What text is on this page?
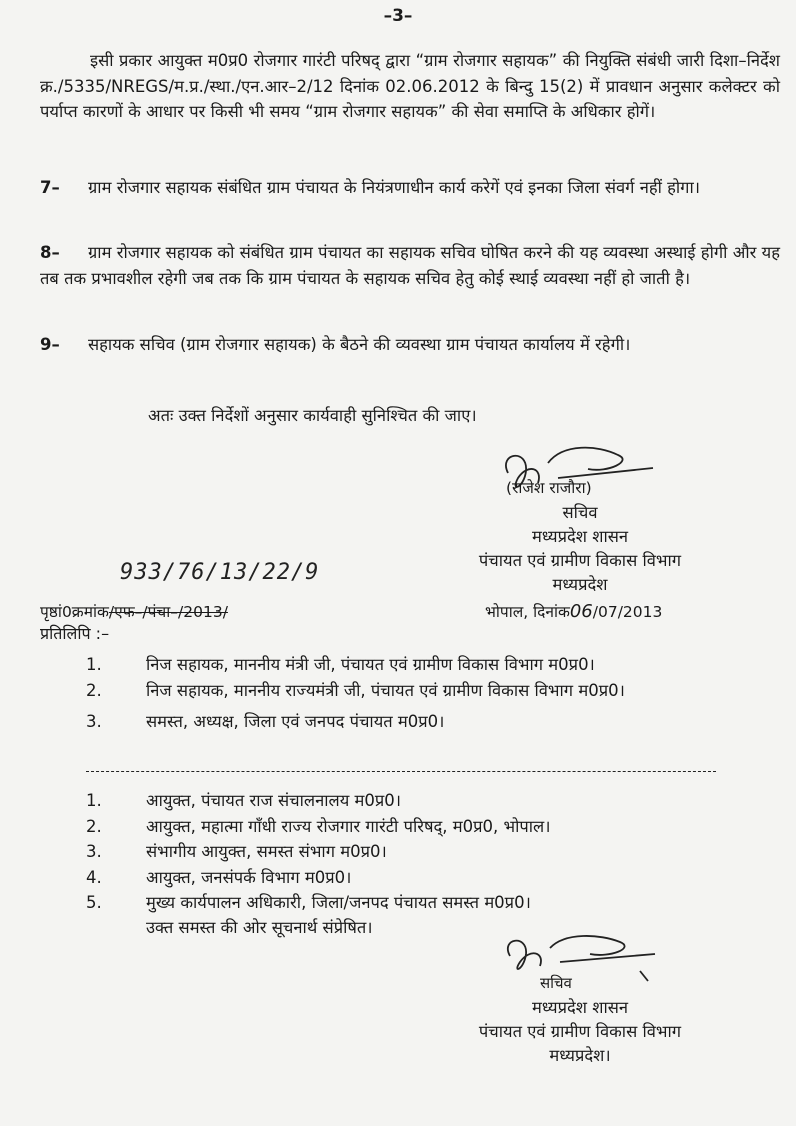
–3–
इसी प्रकार आयुक्त म0प्र0 रोजगार गारंटी परिषद् द्वारा “ग्राम रोजगार सहायक” की नियुक्ति संबंधी जारी दिशा–निर्देश क्र./5335/NREGS/म.प्र./स्था./एन.आर–2/12 दिनांक 02.06.2012 के बिन्दु 15(2) में प्रावधान अनुसार कलेक्टर को पर्याप्त कारणों के आधार पर किसी भी समय “ग्राम रोजगार सहायक” की सेवा समाप्ति के अधिकार होगें।
7– ग्राम रोजगार सहायक संबंधित ग्राम पंचायत के नियंत्रणाधीन कार्य करेगें एवं इनका जिला संवर्ग नहीं होगा।
8– ग्राम रोजगार सहायक को संबंधित ग्राम पंचायत का सहायक सचिव घोषित करने की यह व्यवस्था अस्थाई होगी और यह तब तक प्रभावशील रहेगी जब तक कि ग्राम पंचायत के सहायक सचिव हेतु कोई स्थाई व्यवस्था नहीं हो जाती है।
9– सहायक सचिव (ग्राम रोजगार सहायक) के बैठने की व्यवस्था ग्राम पंचायत कार्यालय में रहेगी।
अतः उक्त निर्देशों अनुसार कार्यवाही सुनिश्चित की जाए।
(राजेश राजौरा)
सचिव
मध्यप्रदेश शासन
पंचायत एवं ग्रामीण विकास विभाग
मध्यप्रदेश
933/76/13/22/9
पृष्ठां0क्रमांक/एफ–/पंचा–/2013/	भोपाल, दिनांक06/07/2013
प्रतिलिपि :–
1.	निज सहायक, माननीय मंत्री जी, पंचायत एवं ग्रामीण विकास विभाग म0प्र0।
2.	निज सहायक, माननीय राज्यमंत्री जी, पंचायत एवं ग्रामीण विकास विभाग म0प्र0।
3.	समस्त, अध्यक्ष, जिला एवं जनपद पंचायत म0प्र0।
1.	आयुक्त, पंचायत राज संचालनालय म0प्र0।
2.	आयुक्त, महात्मा गाँधी राज्य रोजगार गारंटी परिषद्, म0प्र0, भोपाल।
3.	संभागीय आयुक्त, समस्त संभाग म0प्र0।
4.	आयुक्त, जनसंपर्क विभाग म0प्र0।
5.	मुख्य कार्यपालन अधिकारी, जिला/जनपद पंचायत समस्त म0प्र0।
उक्त समस्त की ओर सूचनार्थ संप्रेषित।
सचिव
मध्यप्रदेश शासन
पंचायत एवं ग्रामीण विकास विभाग
मध्यप्रदेश।
